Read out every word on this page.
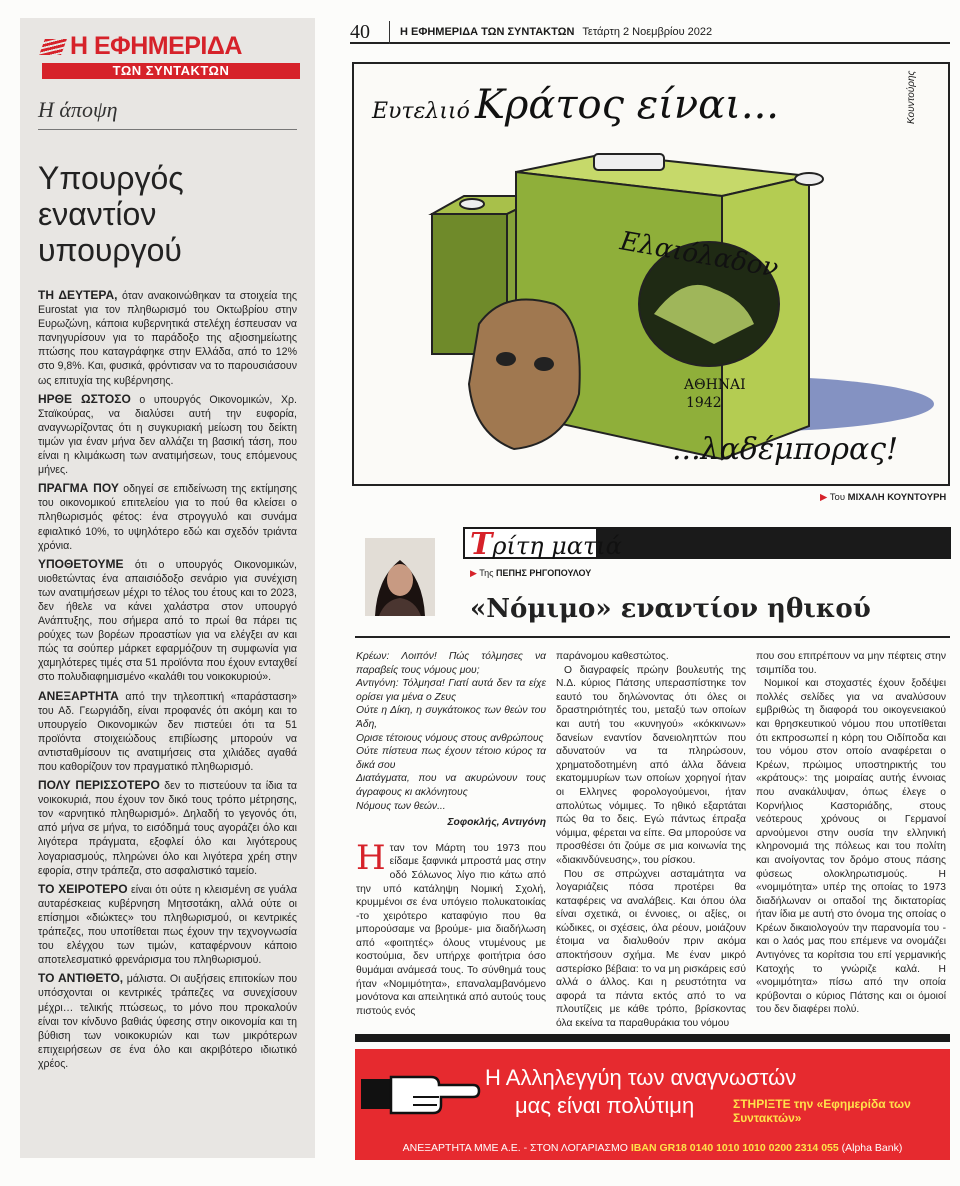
Η ΕΦΗΜΕΡΙΔΑ
ΤΩΝ ΣΥΝΤΑΚΤΩΝ
Η άποψη
Υπουργός
εναντίον
υπουργού

ΤΗ ΔΕΥΤΕΡΑ, όταν ανακοινώθηκαν τα στοιχεία της Eurostat για τον πληθωρισμό του Οκτωβρίου στην Ευρωζώνη, κάποια κυβερνητικά στελέχη έσπευσαν να πανηγυρίσουν για το παράδοξο της αξιοσημείωτης πτώσης που καταγράφηκε στην Ελλάδα, από το 12% στο 9,8%. Και, φυσικά, φρόντισαν να το παρουσιάσουν ως επιτυχία της κυβέρνησης.

ΗΡΘΕ ΩΣΤΟΣΟ ο υπουργός Οικονομικών, Χρ. Σταϊκούρας, να διαλύσει αυτή την ευφορία, αναγνωρίζοντας ότι η συγκυριακή μείωση του δείκτη τιμών για έναν μήνα δεν αλλάζει τη βασική τάση, που είναι η κλιμάκωση των ανατιμήσεων, τους επόμενους μήνες.

ΠΡΑΓΜΑ ΠΟΥ οδηγεί σε επιδείνωση της εκτίμησης του οικονομικού επιτελείου για το πού θα κλείσει ο πληθωρισμός φέτος: ένα στρογγυλό και συνάμα εφιαλτικό 10%, το υψηλότερο εδώ και σχεδόν τριάντα χρόνια.

ΥΠΟΘΕΤΟΥΜΕ ότι ο υπουργός Οικονομικών, υιοθετώντας ένα απαισιόδοξο σενάριο για συνέχιση των ανατιμήσεων μέχρι το τέλος του έτους και το 2023, δεν ήθελε να κάνει χαλάστρα στον υπουργό Ανάπτυξης, που σήμερα από το πρωί θα πάρει τις ρούχες των βορέων προαστίων για να ελέγξει αν και πώς τα σούπερ μάρκετ εφαρμόζουν τη συμφωνία για χαμηλότερες τιμές στα 51 προϊόντα που έχουν ενταχθεί στο πολυδιαφημισμένο «καλάθι του νοικοκυριού».

ΑΝΕΞΑΡΤΗΤΑ από την τηλεοπτική «παράσταση» του Αδ. Γεωργιάδη, είναι προφανές ότι ακόμη και το υπουργείο Οικονομικών δεν πιστεύει ότι τα 51 προϊόντα στοιχειώδους επιβίωσης μπορούν να αντισταθμίσουν τις ανατιμήσεις στα χιλιάδες αγαθά που καθορίζουν τον πραγματικό πληθωρισμό.

ΠΟΛΥ ΠΕΡΙΣΣΟΤΕΡΟ δεν το πιστεύουν τα ίδια τα νοικοκυριά, που έχουν τον δικό τους τρόπο μέτρησης, τον «αρνητικό πληθωρισμό». Δηλαδή το γεγονός ότι, από μήνα σε μήνα, το εισόδημά τους αγοράζει όλο και λιγότερα πράγματα, εξοφλεί όλο και λιγότερους λογαριασμούς, πληρώνει όλο και λιγότερα χρέη στην εφορία, στην τράπεζα, στο ασφαλιστικό ταμείο.

ΤΟ ΧΕΙΡΟΤΕΡΟ είναι ότι ούτε η κλεισμένη σε γυάλα αυταρέσκειας κυβέρνηση Μητσοτάκη, αλλά ούτε οι επίσημοι «διώκτες» του πληθωρισμού, οι κεντρικές τράπεζες, που υποτίθεται πως έχουν την τεχνογνωσία του ελέγχου των τιμών, καταφέρνουν κάποιο αποτελεσματικό φρενάρισμα του πληθωρισμού.

ΤΟ ΑΝΤΙΘΕΤΟ, μάλιστα. Οι αυξήσεις επιτοκίων που υπόσχονται οι κεντρικές τράπεζες να συνεχίσουν μέχρι… τελικής πτώσεως, το μόνο που προκαλούν είναι τον κίνδυνο βαθιάς ύφεσης στην οικονομία και τη βύθιση των νοικοκυριών και των μικρότερων επιχειρήσεων σε ένα όλο και ακριβότερο ιδιωτικό χρέος.

40	Η ΕΦΗΜΕΡΙΔΑ ΤΩΝ ΣΥΝΤΑΚΤΩΝ Τετάρτη 2 Νοεμβρίου 2022
Ελαιόλαδον
ΑΘΗΝΑΙ
1942
Ευτελιιό Κράτος είναι...
...λαδέμπορας!
Κουντούρης
▶ Του ΜΙΧΑΛΗ ΚΟΥΝΤΟΥΡΗ
Τρίτη ματιά
▶ Της ΠΕΠΗΣ ΡΗΓΟΠΟΥΛΟΥ
«Νόμιμο» εναντίον ηθικού
Κρέων: Λοιπόν! Πώς τόλμησες να παραβείς τους νόμους μου;
Αντιγόνη: Τόλμησα! Γιατί αυτά δεν τα είχε ορίσει για μένα ο Ζευς
Ούτε η Δίκη, η συγκάτοικος των θεών του Άδη,
Ορισε τέτοιους νόμους στους ανθρώπους
Ούτε πίστευα πως έχουν τέτοιο κύρος τα δικά σου
Διατάγματα, που να ακυρώνουν τους άγραφους κι ακλόνητους
Νόμους των θεών...
Σοφοκλής, Αντιγόνη

Ηταν τον Μάρτη του 1973 που είδαμε ξαφνικά μπροστά μας στην οδό Σόλωνος λίγο πιο κάτω από την υπό κατάληψη Νομική Σχολή, κρυμμένοι σε ένα υπόγειο πολυκατοικίας -το χειρότερο καταφύγιο που θα μπορούσαμε να βρούμε- μια διαδήλωση από «φοιτητές» όλους ντυμένους με κοστούμια, δεν υπήρχε φοιτήτρια όσο θυμάμαι ανάμεσά τους. Το σύνθημά τους ήταν «Νομιμότητα», επαναλαμβανόμενο μονότονα και απειλητικά από αυτούς τους πιστούς ενός

παράνομου καθεστώτος.

Ο διαγραφείς πρώην βουλευτής της Ν.Δ. κύριος Πάτσης υπερασπίστηκε τον εαυτό του δηλώνοντας ότι όλες οι δραστηριότητές του, μεταξύ των οποίων και αυτή του «κυνηγού» «κόκκινων» δανείων εναντίον δανειοληπτών που αδυνατούν να τα πληρώσουν, χρηματοδοτημένη από άλλα δάνεια εκατομμυρίων των οποίων χορηγοί ήταν οι Ελληνες φορολογούμενοι, ήταν απολύτως νόμιμες. Το ηθικό εξαρτάται πώς θα το δεις. Εγώ πάντως έπραξα νόμιμα, φέρεται να είπε. Θα μπορούσε να προσθέσει ότι ζούμε σε μια κοινωνία της «διακινδύνευσης», του ρίσκου.

Που σε σπρώχνει ασταμάτητα να λογαριάζεις πόσα προτέρει θα καταφέρεις να αναλάβεις. Και όπου όλα είναι σχετικά, οι έννοιες, οι αξίες, οι κώδικες, οι σχέσεις, όλα ρέουν, μοιάζουν έτοιμα να διαλυθούν πριν ακόμα αποκτήσουν σχήμα. Με έναν μικρό αστερίσκο βέβαια: το να μη ρισκάρεις εσύ αλλά ο άλλος. Και η ρευστότητα να αφορά τα πάντα εκτός από το να πλουτίζεις με κάθε τρόπο, βρίσκοντας όλα εκείνα τα παραθυράκια του νόμου

που σου επιτρέπουν να μην πέφτεις στην τσιμπίδα του.

Νομικοί και στοχαστές έχουν ξοδέψει πολλές σελίδες για να αναλύσουν εμβριθώς τη διαφορά του οικογενειακού και θρησκευτικού νόμου που υποτίθεται ότι εκπροσωπεί η κόρη του Οιδίποδα και του νόμου στον οποίο αναφέρεται ο Κρέων, πρώιμος υποστηρικτής του «κράτους»: της μοιραίας αυτής έννοιας που ανακάλυψαν, όπως έλεγε ο Κορνήλιος Καστοριάδης, στους νεότερους χρόνους οι Γερμανοί αρνούμενοι στην ουσία την ελληνική κληρονομιά της πόλεως και του πολίτη και ανοίγοντας τον δρόμο στους πάσης φύσεως ολοκληρωτισμούς. Η «νομιμότητα» υπέρ της οποίας το 1973 διαδήλωναν οι οπαδοί της δικτατορίας ήταν ίδια με αυτή στο όνομα της οποίας ο Κρέων δικαιολογούν την παρανομία του - και ο λαός μας που επέμενε να ονομάζει Αντιγόνες τα κορίτσια του επί γερμανικής Κατοχής το γνώριζε καλά. Η «νομιμότητα» πίσω από την οποία κρύβονται ο κύριος Πάτσης και οι όμοιοί του δεν διαφέρει πολύ.

Η Αλληλεγγύη των αναγνωστών
μας είναι πολύτιμη	ΣΤΗΡΙΞΤΕ την «Εφημερίδα των Συντακτών»
ΑΝΕΞΑΡΤΗΤΑ ΜΜΕ Α.Ε. - ΣΤΟΝ ΛΟΓΑΡΙΑΣΜΟ IBAN GR18 0140 1010 1010 0200 2314 055 (Alpha Bank)
